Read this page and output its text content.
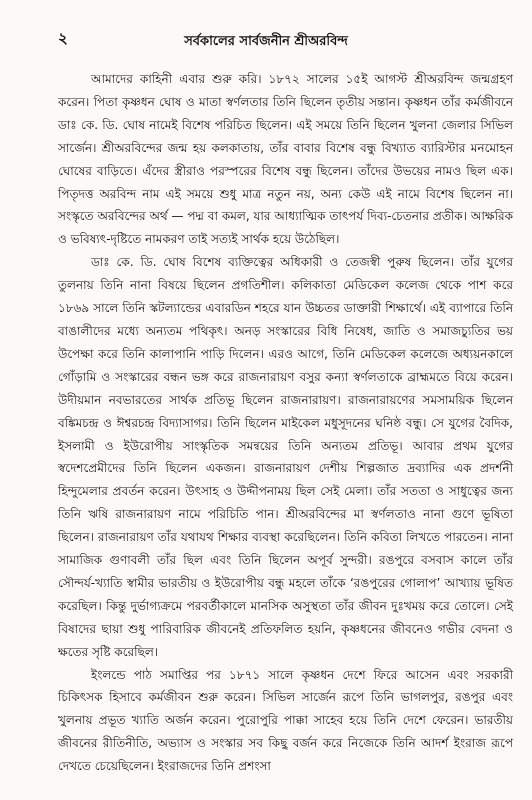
২	সর্বকালের সার্বজনীন শ্রীঅরবিন্দ

আমাদের কাহিনী এবার শুরু করি। ১৮৭২ সালের ১৫ই আগস্ট শ্রীঅরবিন্দ জন্মগ্রহণ করেন। পিতা কৃষ্ণধন ঘোষ ও মাতা স্বর্ণলতার তিনি ছিলেন তৃতীয় সন্তান। কৃষ্ণধন তাঁর কর্মজীবনে ডাঃ কে. ডি. ঘোষ নামেই বিশেষ পরিচিত ছিলেন। এই সময়ে তিনি ছিলেন খুলনা জেলার সিভিল সার্জেন। শ্রীঅরবিন্দের জন্ম হয় কলকাতায়, তাঁর বাবার বিশেষ বন্ধু বিখ্যাত ব্যারিস্টার মনমোহন ঘোষের বাড়িতে। এঁদের স্ত্রীরাও পরস্পরের বিশেষ বন্ধু ছিলেন। তাঁদের উভয়ের নামও ছিল এক। পিতৃদত্ত অরবিন্দ নাম এই সময়ে শুধু মাত্র নতুন নয়, অন্য কেউ এই নামে বিশেষ ছিলেন না। সংস্কৃতে অরবিন্দের অর্থ — পদ্ম বা কমল, যার আধ্যাত্মিক তাৎপর্য দিব্য-চেতনার প্রতীক। আক্ষরিক ও ভবিষ্যৎ-দৃষ্টিতে নামকরণ তাই সত্যই সার্থক হয়ে উঠেছিল।

ডাঃ কে. ডি. ঘোষ বিশেষ ব্যক্তিত্বের অধিকারী ও তেজস্বী পুরুষ ছিলেন। তাঁর যুগের তুলনায় তিনি নানা বিষয়ে ছিলেন প্রগতিশীল। কলিকাতা মেডিকেল কলেজ থেকে পাশ করে ১৮৬৯ সালে তিনি স্কটল্যান্ডের এবারডিন শহরে যান উচ্চতর ডাক্তারী শিক্ষার্থে। এই ব্যাপারে তিনি বাঙালীদের মধ্যে অন্যতম পথিকৃৎ। অনড় সংস্কারের বিধি নিষেধ, জাতি ও সমাজচ্যুতির ভয় উপেক্ষা করে তিনি কালাপানি পাড়ি দিলেন। এরও আগে, তিনি মেডিকেল কলেজে অধ্যয়নকালে গোঁড়ামি ও সংস্কারের বন্ধন ভঙ্গ করে রাজনারায়ণ বসুর কন্যা স্বর্ণলতাকে ব্রাহ্মমতে বিয়ে করেন। উদীয়মান নবভারতের সার্থক প্রতিভূ ছিলেন রাজনারায়ণ। রাজনারায়ণের সমসাময়িক ছিলেন বঙ্কিমচন্দ্র ও ঈশ্বরচন্দ্র বিদ্যাসাগর। তিনি ছিলেন মাইকেল মধুসূদনের ঘনিষ্ঠ বন্ধু। সে যুগের বৈদিক, ইসলামী ও ইউরোপীয় সাংস্কৃতিক সমন্বয়ের তিনি অন্যতম প্রতিভূ। আবার প্রথম যুগের স্বদেশপ্রেমীদের তিনি ছিলেন একজন। রাজনারায়ণ দেশীয় শিল্পজাত দ্রব্যাদির এক প্রদর্শনী হিন্দুমেলার প্রবর্তন করেন। উৎসাহ ও উদ্দীপনাময় ছিল সেই মেলা। তাঁর সততা ও সাধুত্বের জন্য তিনি ঋষি রাজনারায়ণ নামে পরিচিতি পান। শ্রীঅরবিন্দের মা স্বর্ণলতাও নানা গুণে ভূষিতা ছিলেন। রাজনারায়ণ তাঁর যথাযথ শিক্ষার ব্যবস্থা করেছিলেন। তিনি কবিতা লিখতে পারতেন। নানা সামাজিক গুণাবলী তাঁর ছিল এবং তিনি ছিলেন অপূর্ব সুন্দরী। রঙপুরে বসবাস কালে তাঁর সৌন্দর্য-খ্যাতি স্বামীর ভারতীয় ও ইউরোপীয় বন্ধু মহলে তাঁকে ‘রঙপুরের গোলাপ’ আখ্যায় ভূষিত করেছিল। কিন্তু দুর্ভাগ্যক্রমে পরবর্তীকালে মানসিক অসুস্থতা তাঁর জীবন দুঃখময় করে তোলে। সেই বিষাদের ছায়া শুধু পারিবারিক জীবনেই প্রতিফলিত হয়নি, কৃষ্ণধনের জীবনেও গভীর বেদনা ও ক্ষতের সৃষ্টি করেছিল।

ইংলন্ডে পাঠ সমাপ্তির পর ১৮৭১ সালে কৃষ্ণধন দেশে ফিরে আসেন এবং সরকারী চিকিৎসক হিসাবে কর্মজীবন শুরু করেন। সিভিল সার্জেন রূপে তিনি ভাগলপুর, রঙপুর এবং খুলনায় প্রভূত খ্যাতি অর্জন করেন। পুরোপুরি পাক্কা সাহেব হয়ে তিনি দেশে ফেরেন। ভারতীয় জীবনের রীতিনীতি, অভ্যাস ও সংস্কার সব কিছু বর্জন করে নিজেকে তিনি আদর্শ ইংরাজ রূপে দেখতে চেয়েছিলেন। ইংরাজদের তিনি প্রশংসা
